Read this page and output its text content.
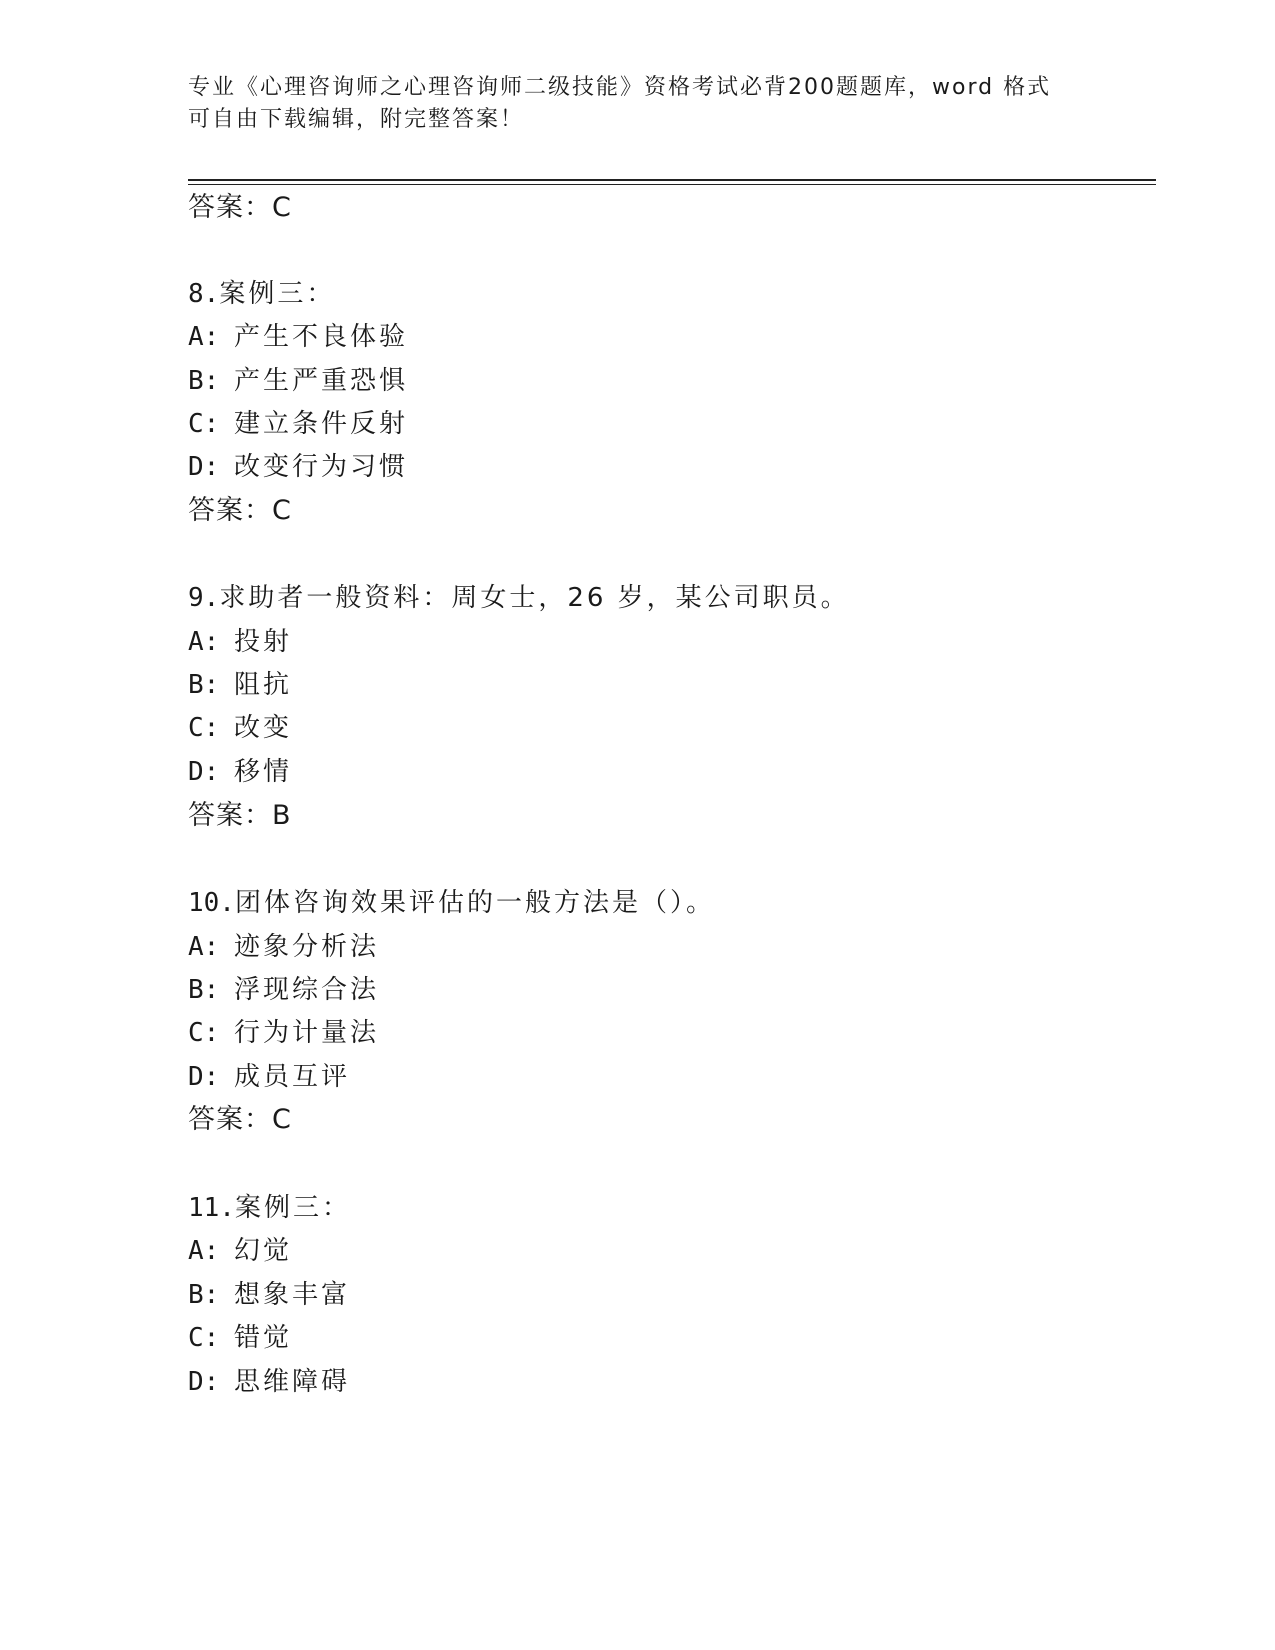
专业《心理咨询师之心理咨询师二级技能》资格考试必背200题题库，word 格式
可自由下载编辑，附完整答案！
答案：C
8.案例三：
A: 产生不良体验
B: 产生严重恐惧
C: 建立条件反射
D: 改变行为习惯
答案：C
9.求助者一般资料：周女士，26 岁，某公司职员。
A: 投射
B: 阻抗
C: 改变
D: 移情
答案：B
10.团体咨询效果评估的一般方法是（）。
A: 迹象分析法
B: 浮现综合法
C: 行为计量法
D: 成员互评
答案：C
11.案例三：
A: 幻觉
B: 想象丰富
C: 错觉
D: 思维障碍
